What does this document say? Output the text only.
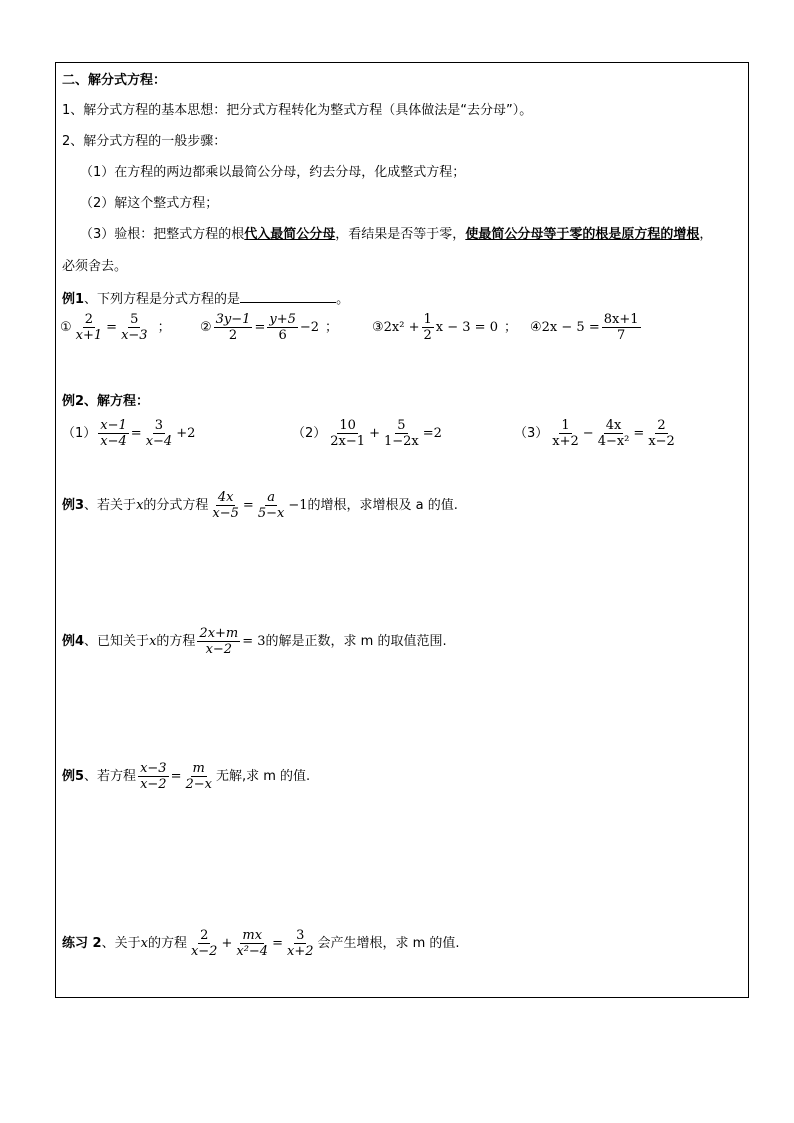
二、解分式方程：
1、解分式方程的基本思想：把分式方程转化为整式方程（具体做法是“去分母”）。
2、解分式方程的一般步骤：
（1）在方程的两边都乘以最简公分母，约去分母，化成整式方程；
（2）解这个整式方程；
（3）验根：把整式方程的根代入最简公分母，看结果是否等于零，使最简公分母等于零的根是原方程的增根，
必须舍去。
例1、下列方程是分式方程的是	。
① $\frac{2}{x+1} = \frac{5}{x-3}$ ； ② $\frac{3y-1}{2} = \frac{y+5}{6} -2$ ；	③ $2x^2 + \frac{1}{2}$ x − 3 = 0 ； ④ $2x - 5 = \frac{8x+1}{7}$
例2、解方程：
$(1) \frac{x-1}{x-4} = \frac{3}{x-4} +2$	$(2) \frac{10}{2x-1} + \frac{5}{1-2x} =2$	$(3) \frac{1}{x+2} - \frac{4x}{\text{4−x²}} = \frac{2}{x-2}$
例3 、若关于 x 的分式方程 $\frac{4x}{x-5} = \frac{a}{5-x} -1$ 的增根，求增根及 a 的值.
例4 、已知关于 x 的方程 $\frac{2x+m}{x-2} = 3$ 的解是正数，求 m 的取值范围.
例5 、若方程 $\frac{x-3}{x-2} = \frac{m}{2-x}$ 无解,求 m 的值.
练习 2 、关于 x 的方程 $\frac{2}{x-2} + \frac{mx}{\text{x²−4}} = \frac{3}{x+2}$ 会产生增根，求 m 的值.
